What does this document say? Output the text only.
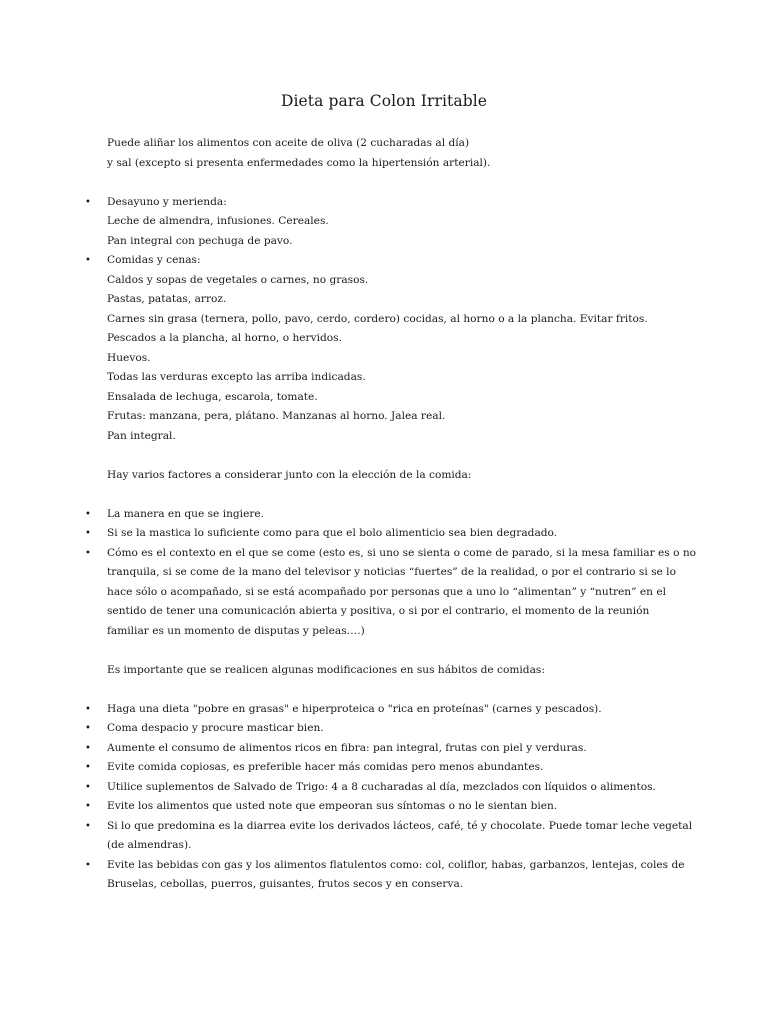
Dieta para Colon Irritable

Puede aliñar los alimentos con aceite de oliva (2 cucharadas al día)

y sal (excepto si presenta enfermedades como la hipertensión arterial).

• Desayuno y merienda:
Leche de almendra, infusiones. Cereales.
Pan integral con pechuga de pavo.
• Comidas y cenas:
Caldos y sopas de vegetales o carnes, no grasos.
Pastas, patatas, arroz.
Carnes sin grasa (ternera, pollo, pavo, cerdo, cordero) cocidas, al horno o a la plancha. Evitar fritos.
Pescados a la plancha, al horno, o hervidos.
Huevos.
Todas las verduras excepto las arriba indicadas.
Ensalada de lechuga, escarola, tomate.
Frutas: manzana, pera, plátano. Manzanas al horno. Jalea real.
Pan integral.

Hay varios factores a considerar junto con la elección de la comida:

• La manera en que se ingiere.
• Si se la mastica lo suficiente como para que el bolo alimenticio sea bien degradado.
• Cómo es el contexto en el que se come (esto es, si uno se sienta o come de parado, si la mesa familiar es o no
tranquila, si se come de la mano del televisor y noticias “fuertes” de la realidad, o por el contrario si se lo
hace sólo o acompañado, si se está acompañado por personas que a uno lo “alimentan” y “nutren” en el
sentido de tener una comunicación abierta y positiva, o si por el contrario, el momento de la reunión
familiar es un momento de disputas y peleas….)

Es importante que se realicen algunas modificaciones en sus hábitos de comidas:

• Haga una dieta "pobre en grasas" e hiperproteica o "rica en proteínas" (carnes y pescados).
• Coma despacio y procure masticar bien.
• Aumente el consumo de alimentos ricos en fibra: pan integral, frutas con piel y verduras.
• Evite comida copiosas, es preferible hacer más comidas pero menos abundantes.
• Utilice suplementos de Salvado de Trigo: 4 a 8 cucharadas al día, mezclados con líquidos o alimentos.
• Evite los alimentos que usted note que empeoran sus síntomas o no le sientan bien.
• Si lo que predomina es la diarrea evite los derivados lácteos, café, té y chocolate. Puede tomar leche vegetal
(de almendras).
• Evite las bebidas con gas y los alimentos flatulentos como: col, coliflor, habas, garbanzos, lentejas, coles de
Bruselas, cebollas, puerros, guisantes, frutos secos y en conserva.
